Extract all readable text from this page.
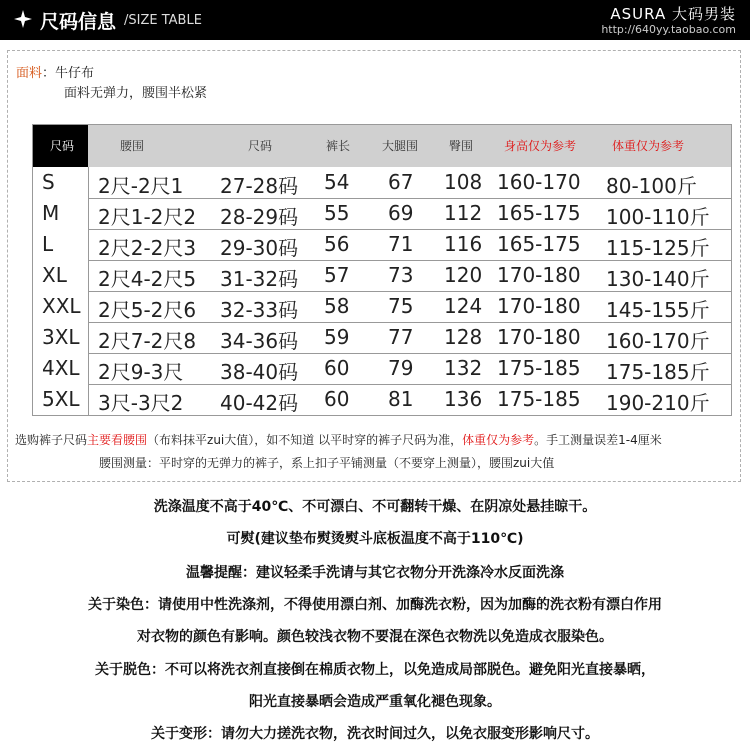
尺码信息 /SIZE TABLE	ASURA 大码男装
http://640yy.taobao.com
面料：牛仔布
面料无弹力，腰围半松紧
尺码	腰围	尺码	裤长	大腿围	臀围	身高仅为参考	体重仅为参考
S 2尺-2尺1 27-28码 54 67 108 160-170 80-100斤
M 2尺1-2尺2 28-29码 55 69 112 165-175 100-110斤
L 2尺2-2尺3 29-30码 56 71 116 165-175 115-125斤
XL 2尺4-2尺5 31-32码 57 73 120 170-180 130-140斤
XXL 2尺5-2尺6 32-33码 58 75 124 170-180 145-155斤
3XL 2尺7-2尺8 34-36码 59 77 128 170-180 160-170斤
4XL 2尺9-3尺 38-40码 60 79 132 175-185 175-185斤
5XL 3尺-3尺2 40-42码 60 81 136 175-185 190-210斤
选购裤子尺码主要看腰围（布料抹平zui大值），如不知道 以平时穿的裤子尺码为准，体重仅为参考。手工测量误差1-4厘米
腰围测量：平时穿的无弹力的裤子，系上扣子平铺测量（不要穿上测量），腰围zui大值
洗涤温度不高于40℃、不可漂白、不可翻转干燥、在阴凉处悬挂晾干。
可熨(建议垫布熨烫熨斗底板温度不高于110℃)
温馨提醒：建议轻柔手洗请与其它衣物分开洗涤冷水反面洗涤
关于染色：请使用中性洗涤剂，不得使用漂白剂、加酶洗衣粉，因为加酶的洗衣粉有漂白作用
对衣物的颜色有影响。颜色较浅衣物不要混在深色衣物洗以免造成衣服染色。
关于脱色：不可以将洗衣剂直接倒在棉质衣物上，以免造成局部脱色。避免阳光直接暴晒，
阳光直接暴晒会造成严重氧化褪色现象。
关于变形：请勿大力搓洗衣物，洗衣时间过久，以免衣服变形影响尺寸。
